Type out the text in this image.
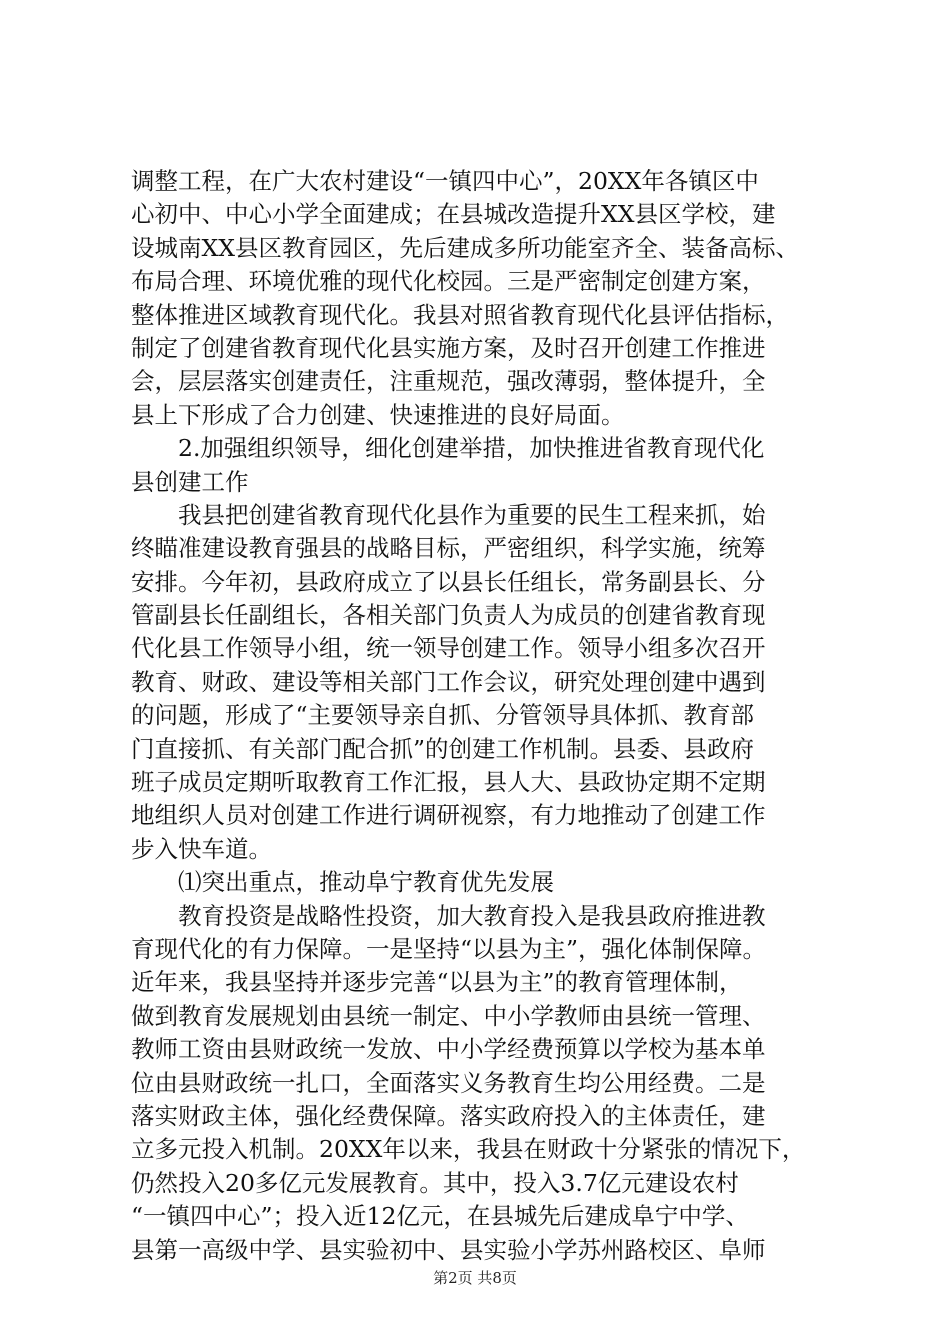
调整工程，在广大农村建设“一镇四中心”，20XX年各镇区中
心初中、中心小学全面建成；在县城改造提升XX县区学校，建
设城南XX县区教育园区，先后建成多所功能室齐全、装备高标、
布局合理、环境优雅的现代化校园。三是严密制定创建方案，
整体推进区域教育现代化。我县对照省教育现代化县评估指标，
制定了创建省教育现代化县实施方案，及时召开创建工作推进
会，层层落实创建责任，注重规范，强改薄弱，整体提升，全
县上下形成了合力创建、快速推进的良好局面。
2.加强组织领导，细化创建举措，加快推进省教育现代化
县创建工作
我县把创建省教育现代化县作为重要的民生工程来抓，始
终瞄准建设教育强县的战略目标，严密组织，科学实施，统筹
安排。今年初，县政府成立了以县长任组长，常务副县长、分
管副县长任副组长，各相关部门负责人为成员的创建省教育现
代化县工作领导小组，统一领导创建工作。领导小组多次召开
教育、财政、建设等相关部门工作会议，研究处理创建中遇到
的问题，形成了“主要领导亲自抓、分管领导具体抓、教育部
门直接抓、有关部门配合抓”的创建工作机制。县委、县政府
班子成员定期听取教育工作汇报，县人大、县政协定期不定期
地组织人员对创建工作进行调研视察，有力地推动了创建工作
步入快车道。
⑴突出重点，推动阜宁教育优先发展
教育投资是战略性投资，加大教育投入是我县政府推进教
育现代化的有力保障。一是坚持“以县为主”，强化体制保障。
近年来，我县坚持并逐步完善“以县为主”的教育管理体制，
做到教育发展规划由县统一制定、中小学教师由县统一管理、
教师工资由县财政统一发放、中小学经费预算以学校为基本单
位由县财政统一扎口，全面落实义务教育生均公用经费。二是
落实财政主体，强化经费保障。落实政府投入的主体责任，建
立多元投入机制。20XX年以来，我县在财政十分紧张的情况下，
仍然投入20多亿元发展教育。其中，投入3.7亿元建设农村
“一镇四中心”；投入近12亿元，在县城先后建成阜宁中学、
县第一高级中学、县实验初中、县实验小学苏州路校区、阜师
第2页 共8页
